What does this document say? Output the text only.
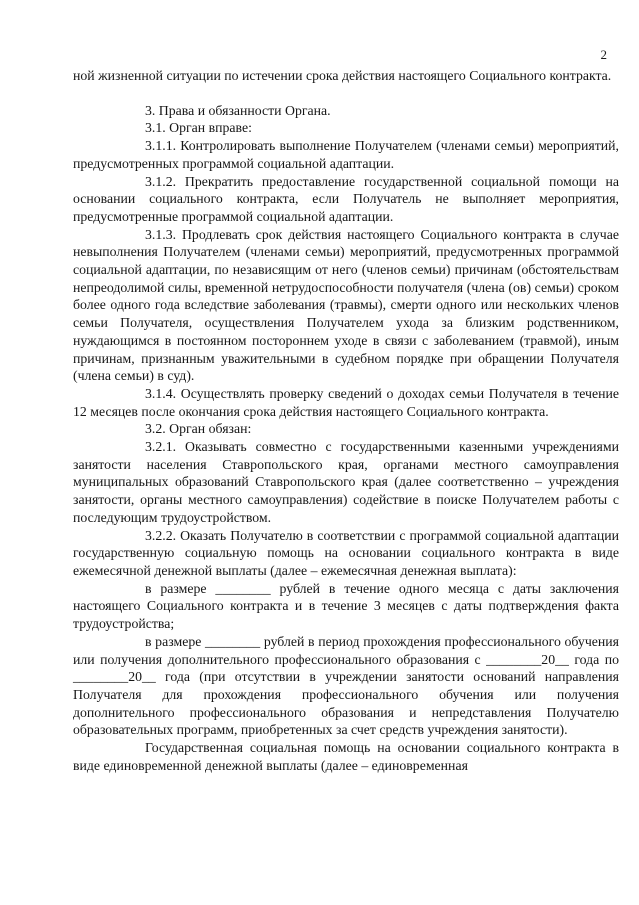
2

ной жизненной ситуации по истечении срока действия настоящего Социального контракта.

3. Права и обязанности Органа.

3.1. Орган вправе:

3.1.1. Контролировать выполнение Получателем (членами семьи) мероприятий, предусмотренных программой социальной адаптации.

3.1.2. Прекратить предоставление государственной социальной помощи на основании социального контракта, если Получатель не выполняет мероприятия, предусмотренные программой социальной адаптации.

3.1.3. Продлевать срок действия настоящего Социального контракта в случае невыполнения Получателем (членами семьи) мероприятий, предусмотренных программой социальной адаптации, по независящим от него (членов семьи) причинам (обстоятельствам непреодолимой силы, временной нетрудоспособности получателя (члена (ов) семьи) сроком более одного года вследствие заболевания (травмы), смерти одного или нескольких членов семьи Получателя, осуществления Получателем ухода за близким родственником, нуждающимся в постоянном постороннем уходе в связи с заболеванием (травмой), иным причинам, признанным уважительными в судебном порядке при обращении Получателя (члена семьи) в суд).

3.1.4. Осуществлять проверку сведений о доходах семьи Получателя в течение 12 месяцев после окончания срока действия настоящего Социального контракта.

3.2. Орган обязан:

3.2.1. Оказывать совместно с государственными казенными учреждениями занятости населения Ставропольского края, органами местного самоуправления муниципальных образований Ставропольского края (далее соответственно – учреждения занятости, органы местного самоуправления) содействие в поиске Получателем работы с последующим трудоустройством.

3.2.2. Оказать Получателю в соответствии с программой социальной адаптации государственную социальную помощь на основании социального контракта в виде ежемесячной денежной выплаты (далее – ежемесячная денежная выплата):

в размере ________ рублей в течение одного месяца с даты заключения настоящего Социального контракта и в течение 3 месяцев с даты подтверждения факта трудоустройства;

в размере ________ рублей в период прохождения профессионального обучения или получения дополнительного профессионального образования с ________20__ года по ________20__ года (при отсутствии в учреждении занятости оснований направления Получателя для прохождения профессионального обучения или получения дополнительного профессионального образования и непредставления Получателю образовательных программ, приобретенных за счет средств учреждения занятости).

Государственная социальная помощь на основании социального контракта в виде единовременной денежной выплаты (далее – единовременная
